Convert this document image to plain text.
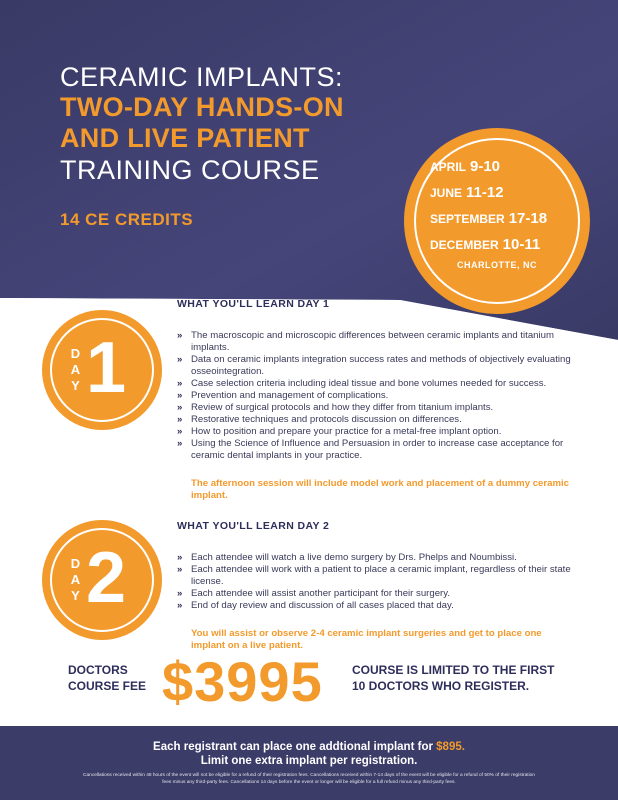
CERAMIC IMPLANTS:
TWO-DAY HANDS-ON
AND LIVE PATIENT
TRAINING COURSE
14 CE CREDITS
APRIL 9-10
JUNE 11-12
SEPTEMBER 17-18
DECEMBER 10-11
CHARLOTTE, NC
D
A
Y 1
WHAT YOU'LL LEARN DAY 1
» The macroscopic and microscopic differences between ceramic implants and titanium implants.
» Data on ceramic implants integration success rates and methods of objectively evaluating osseointegration.
» Case selection criteria including ideal tissue and bone volumes needed for success.
» Prevention and management of complications.
» Review of surgical protocols and how they differ from titanium implants.
» Restorative techniques and protocols discussion on differences.
» How to position and prepare your practice for a metal-free implant option.
» Using the Science of Influence and Persuasion in order to increase case acceptance for ceramic dental implants in your practice.
The afternoon session will include model work and placement of a dummy ceramic implant.
D
A
Y 2
WHAT YOU'LL LEARN DAY 2
» Each attendee will watch a live demo surgery by Drs. Phelps and Noumbissi.
» Each attendee will work with a patient to place a ceramic implant, regardless of their state license.
» Each attendee will assist another participant for their surgery.
» End of day review and discussion of all cases placed that day.
You will assist or observe 2-4 ceramic implant surgeries and get to place one implant on a live patient.
DOCTORS
COURSE FEE $3995 COURSE IS LIMITED TO THE FIRST
10 DOCTORS WHO REGISTER.
Each registrant can place one addtional implant for $895.
Limit one extra implant per registration.
Cancellations received within 48 hours of the event will not be eligible for a refund of their registration fees. Cancellations received within 7-14 days of the event will be eligible for a refund of 50% of their registration fees minus any third-party fees. Cancellations 14 days before the event or longer will be eligible for a full refund minus any third-party fees.
